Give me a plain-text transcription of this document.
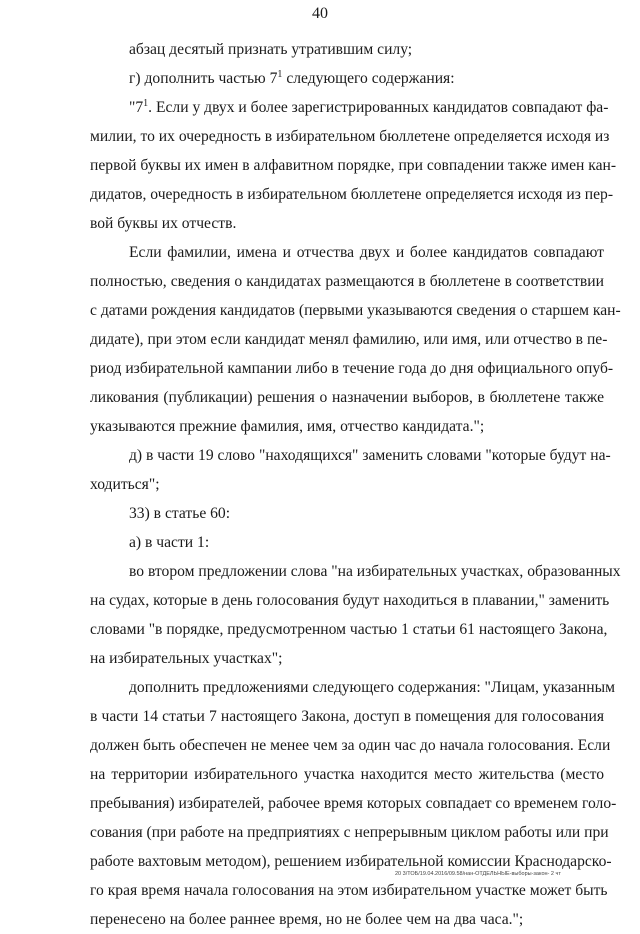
40
абзац десятый признать утратившим силу;
г) дополнить частью $7^1$ следующего содержания:
"$7^1$. Если у двух и более зарегистрированных кандидатов совпадают фа-
милии, то их очередность в избирательном бюллетене определяется исходя из
первой буквы их имен в алфавитном порядке, при совпадении также имен кан-
дидатов, очередность в избирательном бюллетене определяется исходя из пер-
вой буквы их отчеств.
Если фамилии, имена и отчества двух и более кандидатов совпадают
полностью, сведения о кандидатах размещаются в бюллетене в соответствии
с датами рождения кандидатов (первыми указываются сведения о старшем кан-
дидате), при этом если кандидат менял фамилию, или имя, или отчество в пе-
риод избирательной кампании либо в течение года до дня официального опуб-
ликования (публикации) решения о назначении выборов, в бюллетене также
указываются прежние фамилия, имя, отчество кандидата.";
д) в части 19 слово "находящихся" заменить словами "которые будут на-
ходиться";
33) в статье 60:
а) в части 1:
во втором предложении слова "на избирательных участках, образованных
на судах, которые в день голосования будут находиться в плавании," заменить
словами "в порядке, предусмотренном частью 1 статьи 61 настоящего Закона,
на избирательных участках";
дополнить предложениями следующего содержания: "Лицам, указанным
в части 14 статьи 7 настоящего Закона, доступ в помещения для голосования
должен быть обеспечен не менее чем за один час до начала голосования. Если
на территории избирательного участка находится место жительства (место
пребывания) избирателей, рабочее время которых совпадает со временем голо-
сования (при работе на предприятиях с непрерывным циклом работы или при
работе вахтовым методом), решением избирательной комиссии Краснодарско-
го края время начала голосования на этом избирательном участке может быть
перенесено на более раннее время, но не более чем на два часа.";
20 3/ТОБ/19.04.2016/09.58/нан-ОТДЕЛЬНЫЕ-выборы-закон- 2 чт
